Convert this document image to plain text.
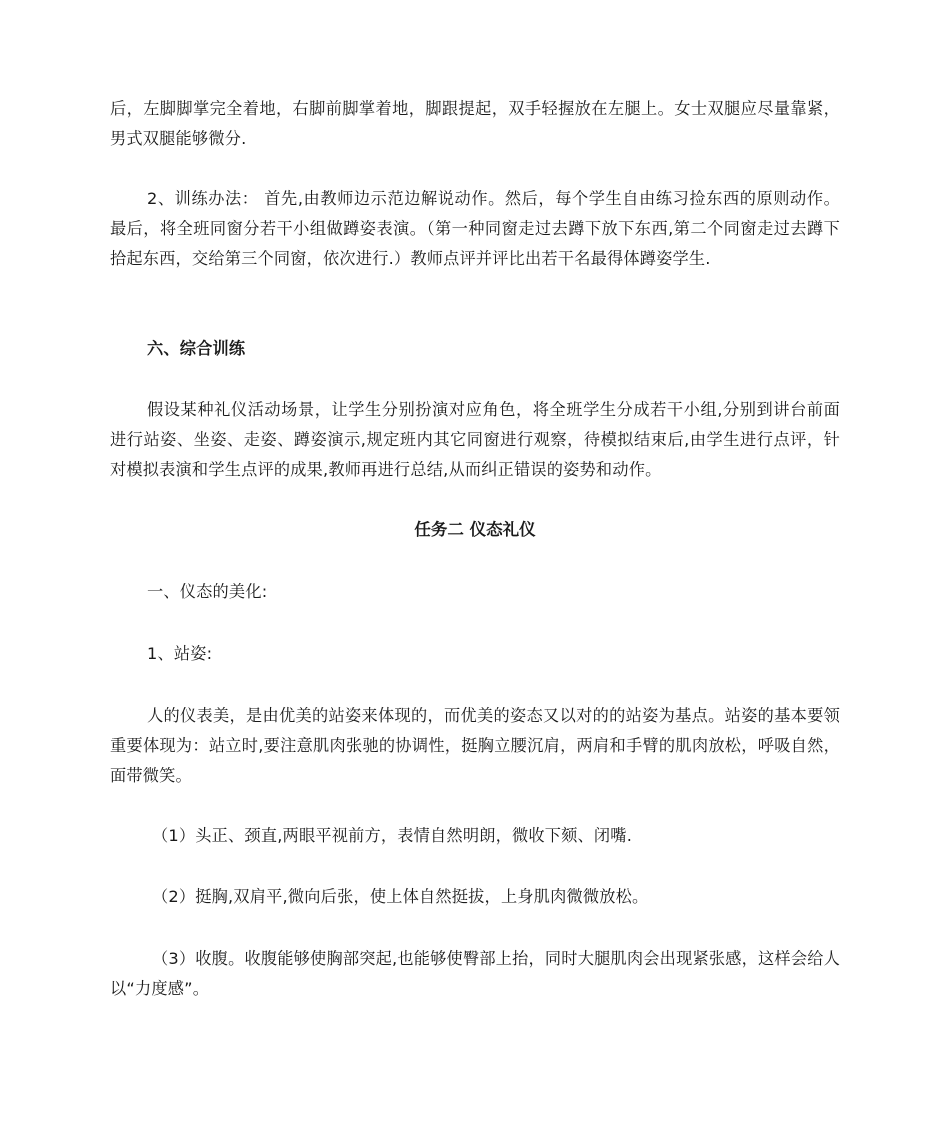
后，左脚脚掌完全着地，右脚前脚掌着地，脚跟提起，双手轻握放在左腿上。女士双腿应尽量靠紧，男式双腿能够微分.

2、训练办法： 首先,由教师边示范边解说动作。然后，每个学生自由练习捡东西的原则动作。最后，将全班同窗分若干小组做蹲姿表演。（第一种同窗走过去蹲下放下东西,第二个同窗走过去蹲下拾起东西，交给第三个同窗，依次进行.）教师点评并评比出若干名最得体蹲姿学生.

六、综合训练

假设某种礼仪活动场景，让学生分别扮演对应角色，将全班学生分成若干小组,分别到讲台前面进行站姿、坐姿、走姿、蹲姿演示,规定班内其它同窗进行观察，待模拟结束后,由学生进行点评，针对模拟表演和学生点评的成果,教师再进行总结,从而纠正错误的姿势和动作。

任务二 仪态礼仪

一、仪态的美化:

1、站姿:

人的仪表美，是由优美的站姿来体现的，而优美的姿态又以对的的站姿为基点。站姿的基本要领重要体现为：站立时,要注意肌肉张驰的协调性，挺胸立腰沉肩，两肩和手臂的肌肉放松，呼吸自然，面带微笑。

（1）头正、颈直,两眼平视前方，表情自然明朗，微收下颏、闭嘴.

（2）挺胸,双肩平,微向后张，使上体自然挺拔，上身肌肉微微放松。

（3）收腹。收腹能够使胸部突起,也能够使臀部上抬，同时大腿肌肉会出现紧张感，这样会给人以“力度感”。
